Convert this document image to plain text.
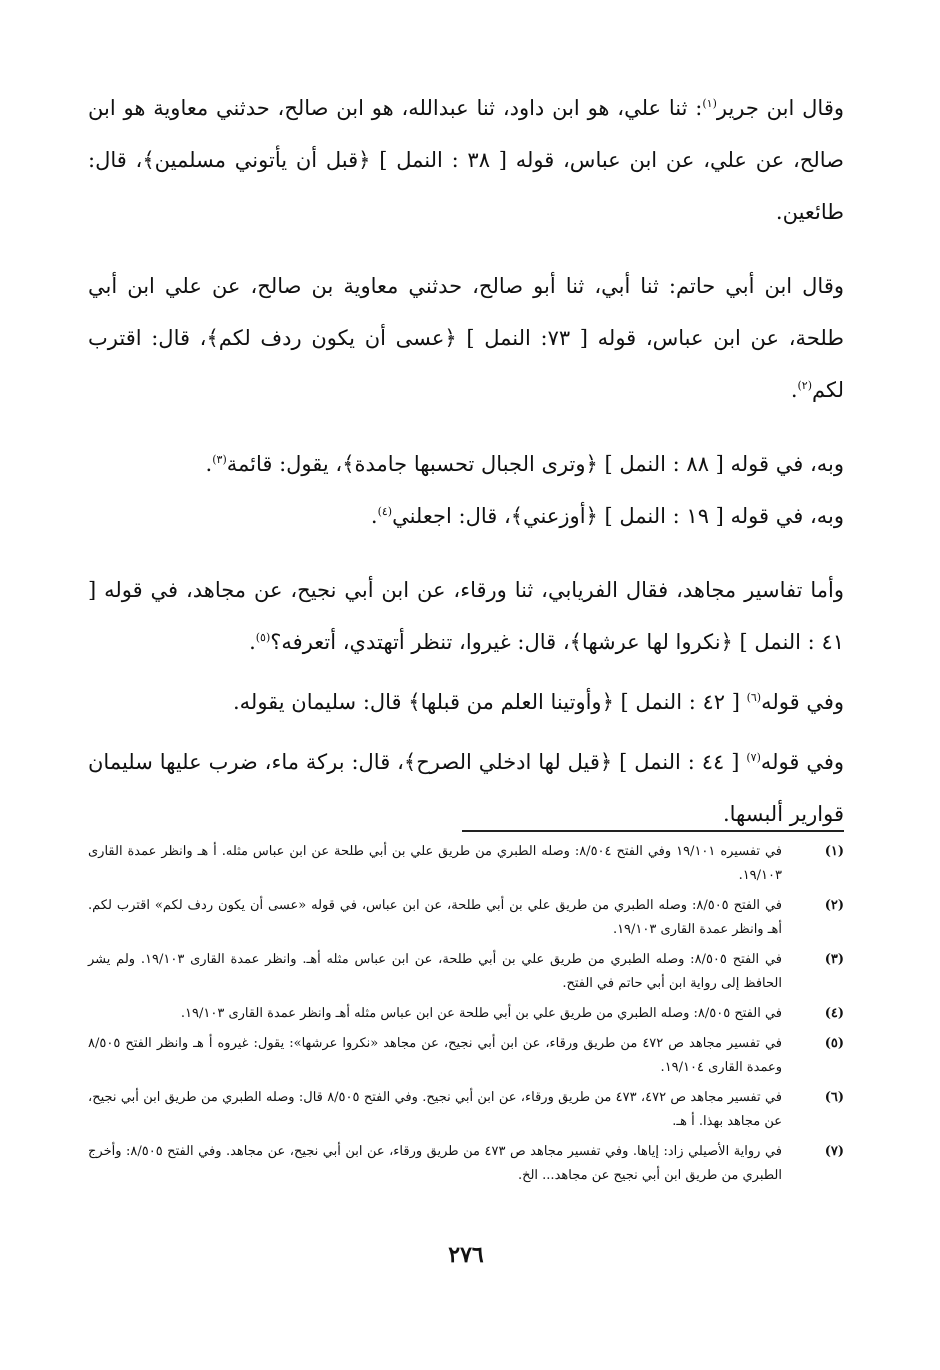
وقال ابن جرير$^{(١)}$: ثنا علي، هو ابن داود، ثنا عبدالله، هو ابن صالح، حدثني معاوية هو ابن صالح، عن علي، عن ابن عباس، قوله [ ٣٨ : النمل ] ﴿قبل أن يأتوني مسلمين﴾، قال: طائعين.

وقال ابن أبي حاتم: ثنا أبي، ثنا أبو صالح، حدثني معاوية بن صالح، عن علي ابن أبي طلحة، عن ابن عباس، قوله [ ٧٣: النمل ] ﴿عسى أن يكون ردف لكم﴾، قال: اقترب لكم$^{(٢)}$.

وبه، في قوله [ ٨٨ : النمل ] ﴿وترى الجبال تحسبها جامدة﴾، يقول: قائمة$^{(٣)}$.

وبه، في قوله [ ١٩ : النمل ] ﴿أوزعني﴾، قال: اجعلني$^{(٤)}$.

وأما تفاسير مجاهد، فقال الفريابي، ثنا ورقاء، عن ابن أبي نجيح، عن مجاهد، في قوله [ ٤١ : النمل ] ﴿نكروا لها عرشها﴾، قال: غيروا، تنظر أتهتدي، أتعرفه؟$^{(٥)}$.

وفي قوله$^{(٦)}$ [ ٤٢ : النمل ] ﴿وأوتينا العلم من قبلها﴾ قال: سليمان يقوله.

وفي قوله$^{(٧)}$ [ ٤٤ : النمل ] ﴿قيل لها ادخلي الصرح﴾، قال: بركة ماء، ضرب عليها سليمان قوارير ألبسها.

(١)
في تفسيره ١٩/١٠١ وفي الفتح ٨/٥٠٤: وصله الطبري من طريق علي بن أبي طلحة عن ابن عباس مثله. أ هـ وانظر عمدة القارى ١٩/١٠٣.
(٢)
في الفتح ٨/٥٠٥: وصله الطبري من طريق علي بن أبي طلحة، عن ابن عباس، في قوله «عسى أن يكون ردف لكم» اقترب لكم. أهـ وانظر عمدة القارى ١٩/١٠٣.
(٣)
في الفتح ٨/٥٠٥: وصله الطبري من طريق علي بن أبي طلحة، عن ابن عباس مثله أهـ. وانظر عمدة القارى ١٩/١٠٣. ولم يشر الحافظ إلى رواية ابن أبي حاتم في الفتح.
(٤)
في الفتح ٨/٥٠٥: وصله الطبري من طريق علي بن أبي طلحة عن ابن عباس مثله أهـ وانظر عمدة القارى ١٩/١٠٣.
(٥)
في تفسير مجاهد ص ٤٧٢ من طريق ورقاء، عن ابن أبي نجيح، عن مجاهد «نكروا عرشها»: يقول: غيروه أ هـ وانظر الفتح ٨/٥٠٥ وعمدة القارى ١٩/١٠٤.
(٦)
في تفسير مجاهد ص ٤٧٢، ٤٧٣ من طريق ورقاء، عن ابن أبي نجيح. وفي الفتح ٨/٥٠٥ قال: وصله الطبري من طريق ابن أبي نجيح، عن مجاهد بهذا. أ هـ.
(٧)
في رواية الأصيلي زاد: إياها. وفي تفسير مجاهد ص ٤٧٣ من طريق ورقاء، عن ابن أبي نجيح، عن مجاهد. وفي الفتح ٨/٥٠٥: وأخرج الطبري من طريق ابن أبي نجيح عن مجاهد... الخ.
٢٧٦
